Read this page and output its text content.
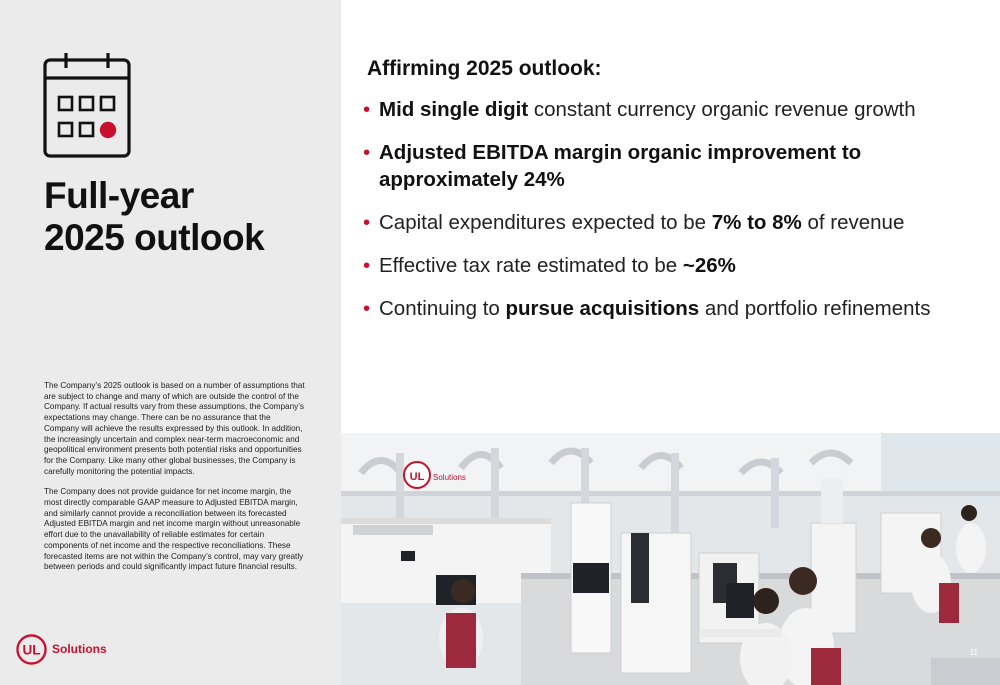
Full-year
2025 outlook

The Company’s 2025 outlook is based on a number of assumptions that are subject to change and many of which are outside the control of the Company. If actual results vary from these assumptions, the Company’s expectations may change. There can be no assurance that the Company will achieve the results expressed by this outlook. In addition, the increasingly uncertain and complex near-term macroeconomic and geopolitical environment presents both potential risks and opportunities for the Company. Like many other global businesses, the Company is carefully monitoring the potential impacts.

The Company does not provide guidance for net income margin, the most directly comparable GAAP measure to Adjusted EBITDA margin, and similarly cannot provide a reconciliation between its forecasted Adjusted EBITDA margin and net income margin without unreasonable effort due to the unavailability of reliable estimates for certain components of net income and the respective reconciliations. These forecasted items are not within the Company’s control, may vary greatly between periods and could significantly impact future financial results.

UL Solutions
Affirming 2025 outlook:
• Mid single digit constant currency organic revenue growth
• Adjusted EBITDA margin organic improvement to approximately 24%
• Capital expenditures expected to be 7% to 8% of revenue
• Effective tax rate estimated to be ~26%
• Continuing to pursue acquisitions and portfolio refinements
UL Solutions
11
